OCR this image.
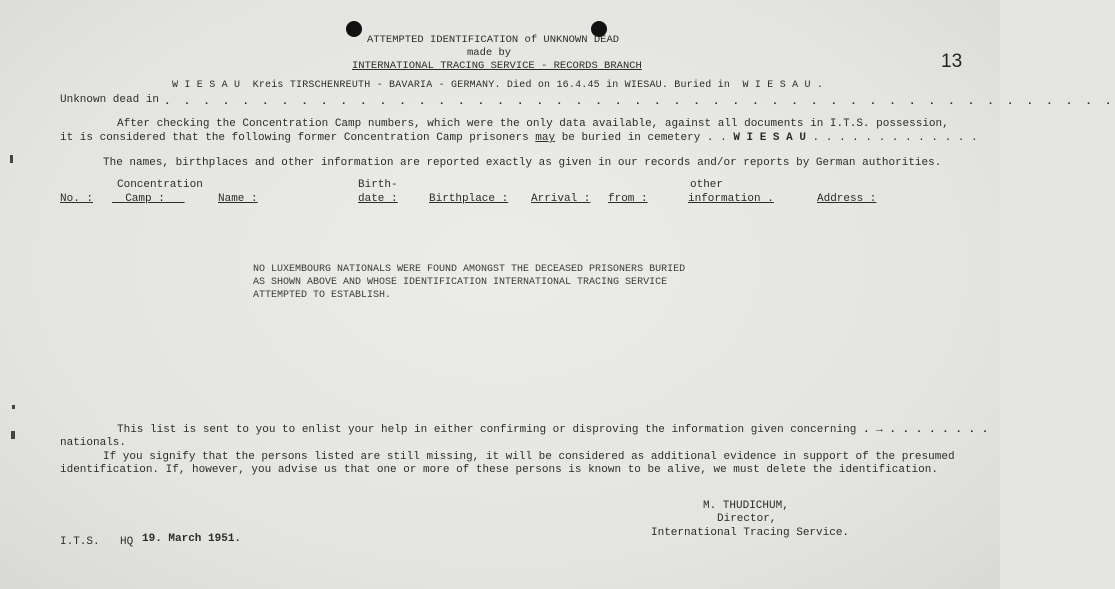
ATTEMPTED IDENTIFICATION of UNKNOWN DEAD
made by
INTERNATIONAL TRACING SERVICE - RECORDS BRANCH	13
Unknown dead in
W I E S A U  Kreis TIRSCHENREUTH - BAVARIA - GERMANY. Died on 16.4.45 in WIESAU. Buried in  W I E S A U .
. . . . . . . . . . . . . . . . . . . . . . . . . . . . . . . . . . . . . . . . . . . . . . . . .
After checking the Concentration Camp numbers, which were the only data available, against all documents in I.T.S. possession,
it is considered that the following former Concentration Camp prisoners may be buried in cemetery . . W I E S A U . . . . . . . . . . . . .
The names, birthplaces and other information are reported exactly as given in our records and/or reports by German authorities.
Concentration	Birth-	other
No. :	Camp :	Name :	date :	Birthplace : Arrival : from :	information .	Address :
NO LUXEMBOURG NATIONALS WERE FOUND AMONGST THE DECEASED PRISONERS BURIED
AS SHOWN ABOVE AND WHOSE IDENTIFICATION INTERNATIONAL TRACING SERVICE
ATTEMPTED TO ESTABLISH.
This list is sent to you to enlist your help in either confirming or disproving the information given concerning . → . . . . . . . .
nationals.
If you signify that the persons listed are still missing, it will be considered as additional evidence in support of the presumed
identification. If, however, you advise us that one or more of these persons is known to be alive, we must delete the identification.
M. THUDICHUM,
Director,
International Tracing Service.
I.T.S. HQ 19. March 1951.
